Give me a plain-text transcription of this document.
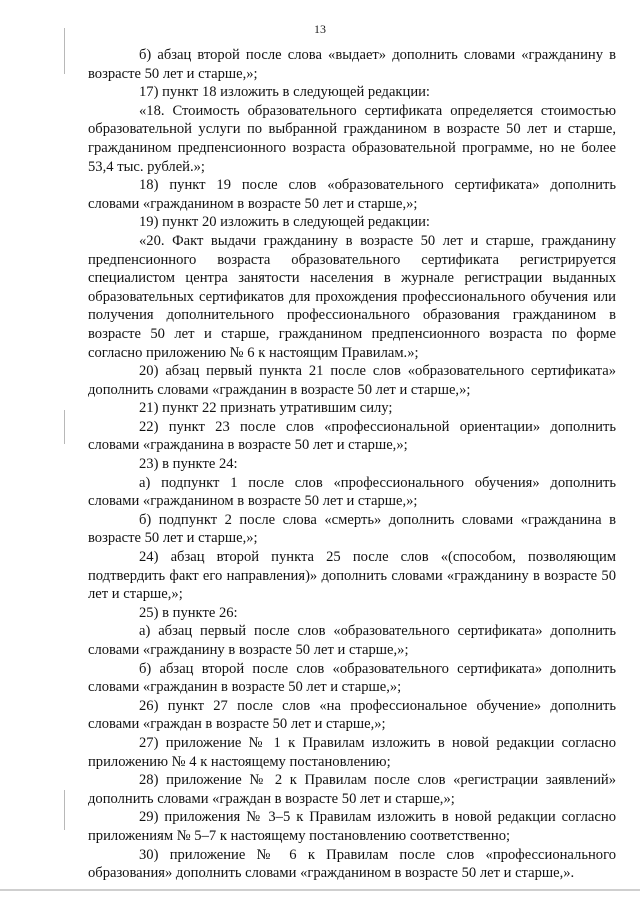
13

б) абзац второй после слова «выдает» дополнить словами «гражданину в возрасте 50 лет и старше,»;

17) пункт 18 изложить в следующей редакции:

«18. Стоимость образовательного сертификата определяется стоимостью образовательной услуги по выбранной гражданином в возрасте 50 лет и старше, гражданином предпенсионного возраста образовательной программе, но не более 53,4 тыс. рублей.»;

18) пункт 19 после слов «образовательного сертификата» дополнить словами «гражданином в возрасте 50 лет и старше,»;

19) пункт 20 изложить в следующей редакции:

«20. Факт выдачи гражданину в возрасте 50 лет и старше, гражданину предпенсионного возраста образовательного сертификата регистрируется специалистом центра занятости населения в журнале регистрации выданных образовательных сертификатов для прохождения профессионального обучения или получения дополнительного профессионального образования гражданином в возрасте 50 лет и старше, гражданином предпенсионного возраста по форме согласно приложению № 6 к настоящим Правилам.»;

20) абзац первый пункта 21 после слов «образовательного сертификата» дополнить словами «гражданин в возрасте 50 лет и старше,»;

21) пункт 22 признать утратившим силу;

22) пункт 23 после слов «профессиональной ориентации» дополнить словами «гражданина в возрасте 50 лет и старше,»;

23) в пункте 24:

а) подпункт 1 после слов «профессионального обучения» дополнить словами «гражданином в возрасте 50 лет и старше,»;

б) подпункт 2 после слова «смерть» дополнить словами «гражданина в возрасте 50 лет и старше,»;

24) абзац второй пункта 25 после слов «(способом, позволяющим подтвердить факт его направления)» дополнить словами «гражданину в возрасте 50 лет и старше,»;

25) в пункте 26:

а) абзац первый после слов «образовательного сертификата» дополнить словами «гражданину в возрасте 50 лет и старше,»;

б) абзац второй после слов «образовательного сертификата» дополнить словами «гражданин в возрасте 50 лет и старше,»;

26) пункт 27 после слов «на профессиональное обучение» дополнить словами «граждан в возрасте 50 лет и старше,»;

27) приложение № 1 к Правилам изложить в новой редакции согласно приложению № 4 к настоящему постановлению;

28) приложение № 2 к Правилам после слов «регистрации заявлений» дополнить словами «граждан в возрасте 50 лет и старше,»;

29) приложения № 3–5 к Правилам изложить в новой редакции согласно приложениям № 5–7 к настоящему постановлению соответственно;

30) приложение № 6 к Правилам после слов «профессионального образования» дополнить словами «гражданином в возрасте 50 лет и старше,».
